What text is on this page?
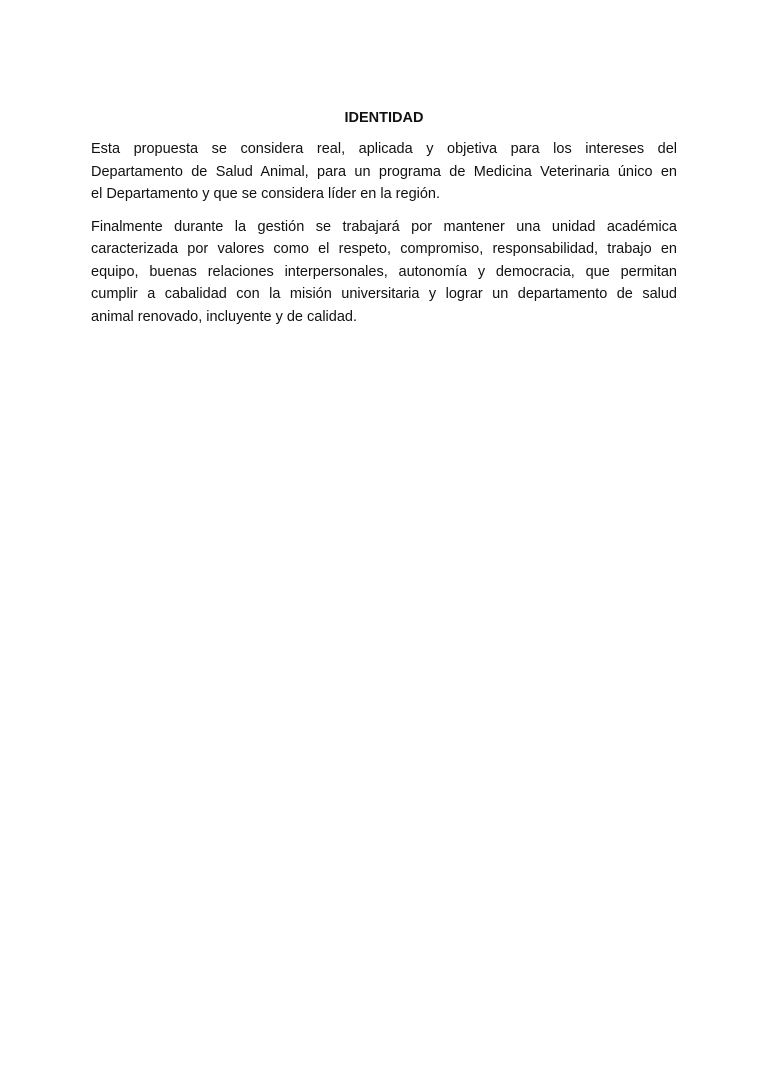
IDENTIDAD

Esta propuesta se considera real, aplicada y objetiva para los intereses del
Departamento de Salud Animal, para un programa de Medicina Veterinaria único en
el Departamento y que se considera líder en la región.

Finalmente durante la gestión se trabajará por mantener una unidad académica
caracterizada por valores como el respeto, compromiso, responsabilidad, trabajo en
equipo, buenas relaciones interpersonales, autonomía y democracia, que permitan
cumplir a cabalidad con la misión universitaria y lograr un departamento de salud
animal renovado, incluyente y de calidad.
